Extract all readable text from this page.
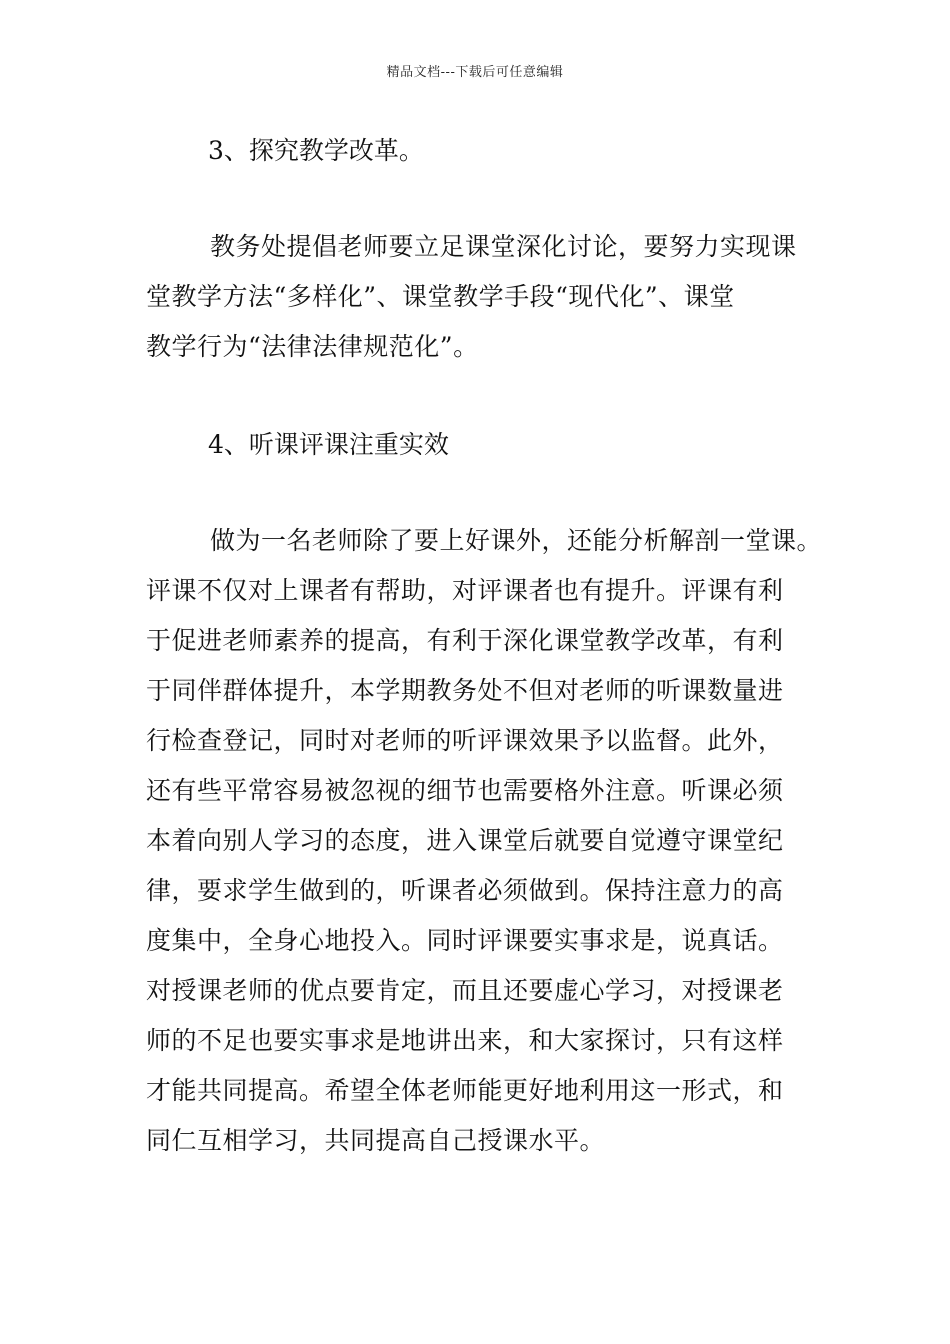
精品文档---下载后可任意编辑

3、探究教学改革。

教务处提倡老师要立足课堂深化讨论，要努力实现课
堂教学方法“多样化”、课堂教学手段“现代化”、课堂
教学行为“法律法律规范化”。

4、听课评课注重实效

做为一名老师除了要上好课外，还能分析解剖一堂课。
评课不仅对上课者有帮助，对评课者也有提升。评课有利
于促进老师素养的提高，有利于深化课堂教学改革，有利
于同伴群体提升，本学期教务处不但对老师的听课数量进
行检查登记，同时对老师的听评课效果予以监督。此外，
还有些平常容易被忽视的细节也需要格外注意。听课必须
本着向别人学习的态度，进入课堂后就要自觉遵守课堂纪
律，要求学生做到的，听课者必须做到。保持注意力的高
度集中，全身心地投入。同时评课要实事求是，说真话。
对授课老师的优点要肯定，而且还要虚心学习，对授课老
师的不足也要实事求是地讲出来，和大家探讨，只有这样
才能共同提高。希望全体老师能更好地利用这一形式，和
同仁互相学习，共同提高自己授课水平。
